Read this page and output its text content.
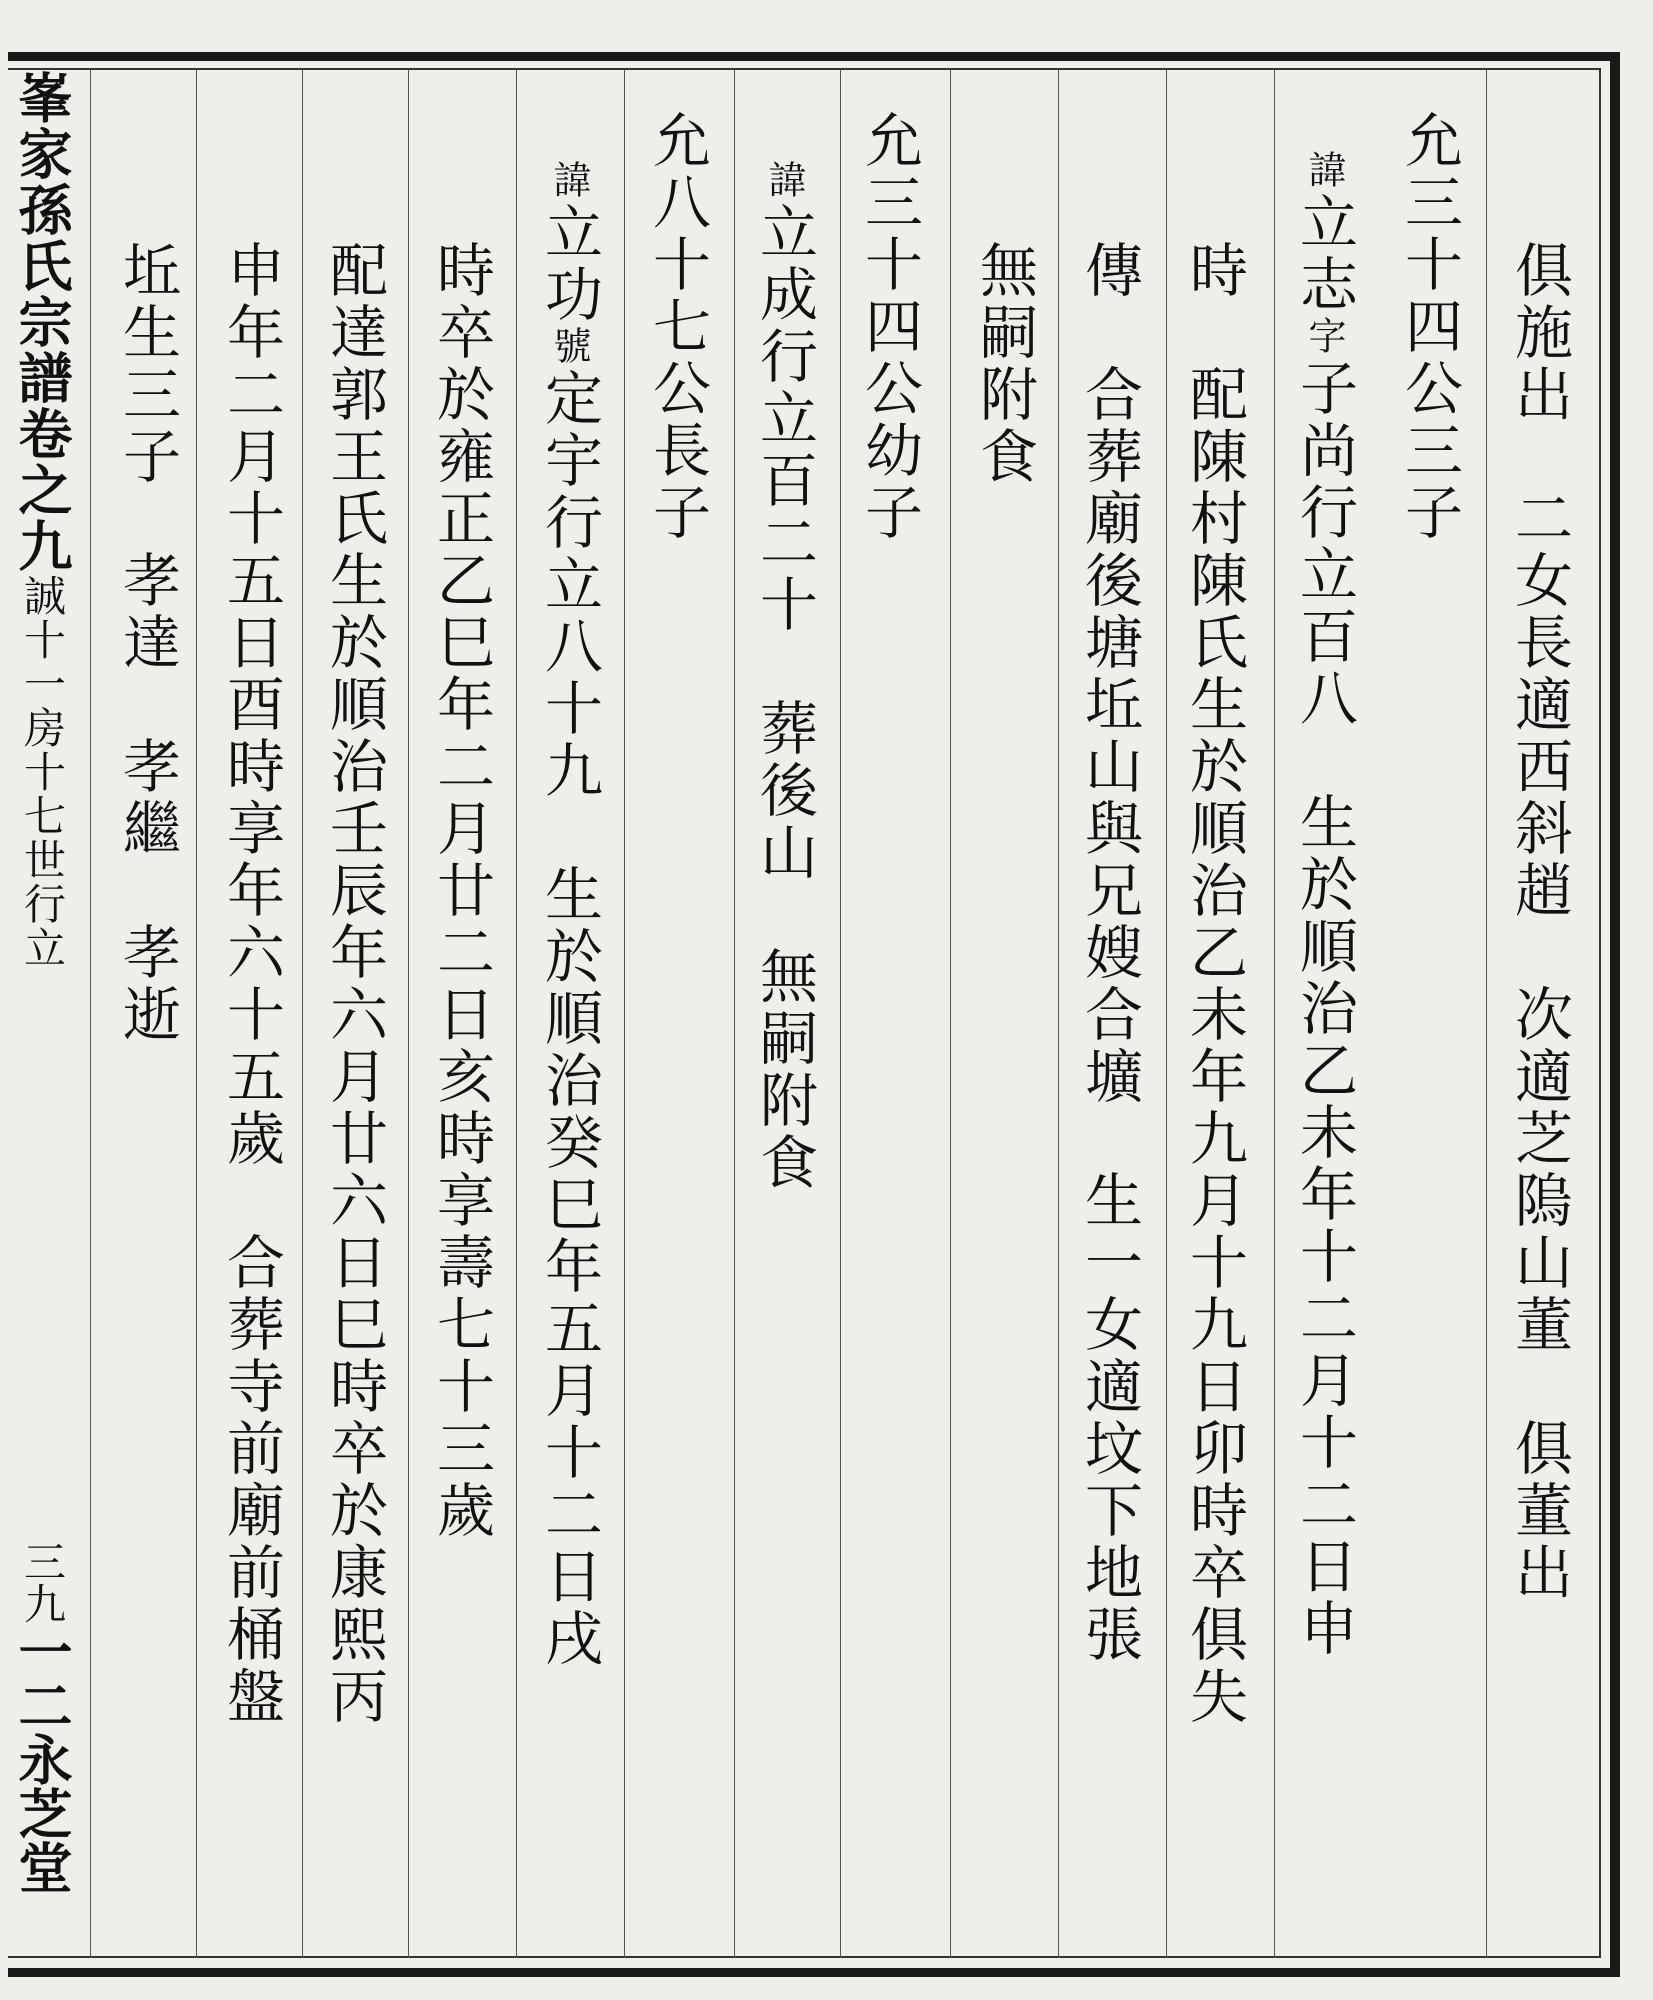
峯家孫氏宗譜卷之九誠十一房十七世行立
三九一二永芝堂
俱施出　二女長適西斜趙　次適芝隖山董　俱董出
允三十四公三子
諱立志字子尚行立百八　生於順治乙未年十二月十二日申
時　配陳村陳氏生於順治乙未年九月十九日卯時卒俱失
傳　合葬廟後塘坵山與兄嫂合壙　生一女適坟下地張
無嗣附食
允三十四公幼子
諱立成行立百二十　葬後山　無嗣附食
允八十七公長子
諱立功號定宇行立八十九　生於順治癸巳年五月十二日戌
時卒於雍正乙巳年二月廿二日亥時享壽七十三歲
配達郭王氏生於順治壬辰年六月廿六日巳時卒於康熙丙
申年二月十五日酉時享年六十五歲　合葬寺前廟前桶盤
坵生三子　孝達　孝繼　孝逝
